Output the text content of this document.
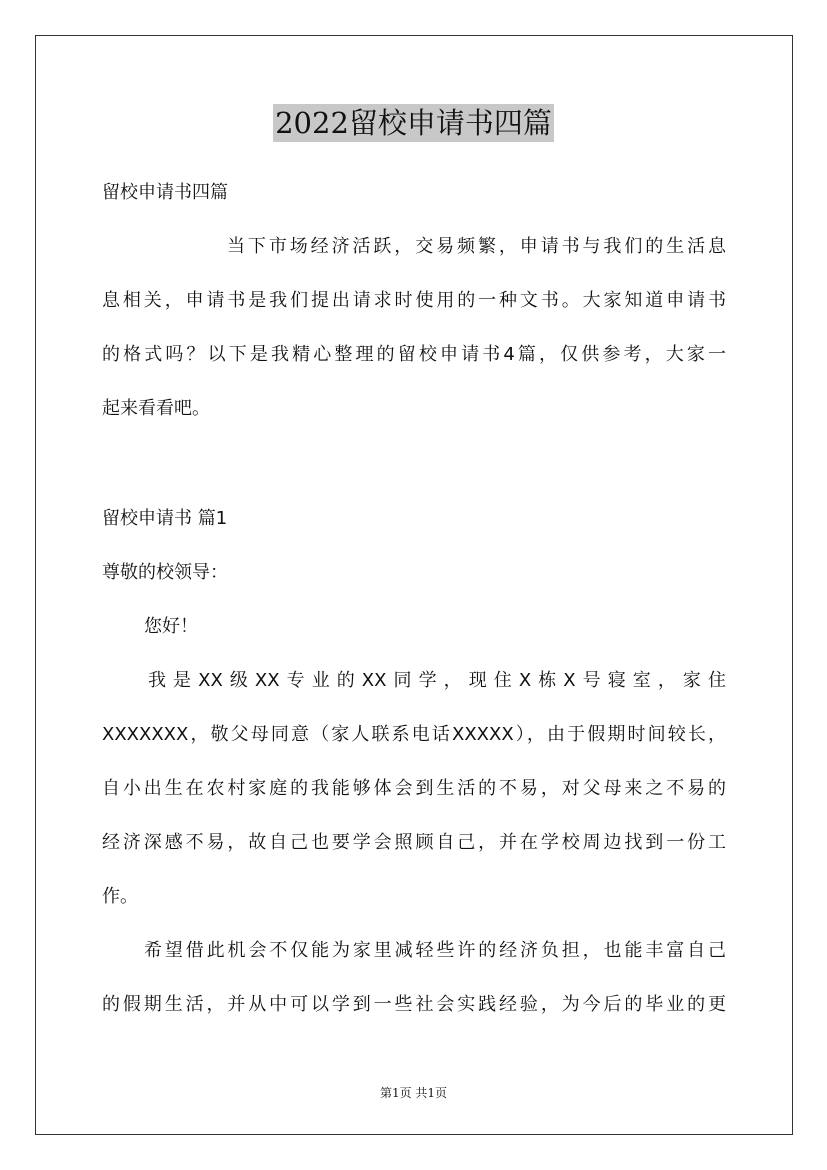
2022留校申请书四篇
留校申请书四篇
当下市场经济活跃，交易频繁，申请书与我们的生活息
息相关，申请书是我们提出请求时使用的一种文书。大家知道申请书
的格式吗？以下是我精心整理的留校申请书4篇，仅供参考，大家一
起来看看吧。
留校申请书 篇1
尊敬的校领导：
您好！
我是XX级XX专业的XX同学，现住X栋X号寝室，家住
XXXXXXX，敬父母同意（家人联系电话XXXXX），由于假期时间较长，
自小出生在农村家庭的我能够体会到生活的不易，对父母来之不易的
经济深感不易，故自己也要学会照顾自己，并在学校周边找到一份工
作。
希望借此机会不仅能为家里减轻些许的经济负担，也能丰富自己
的假期生活，并从中可以学到一些社会实践经验，为今后的毕业的更
第1页 共1页
